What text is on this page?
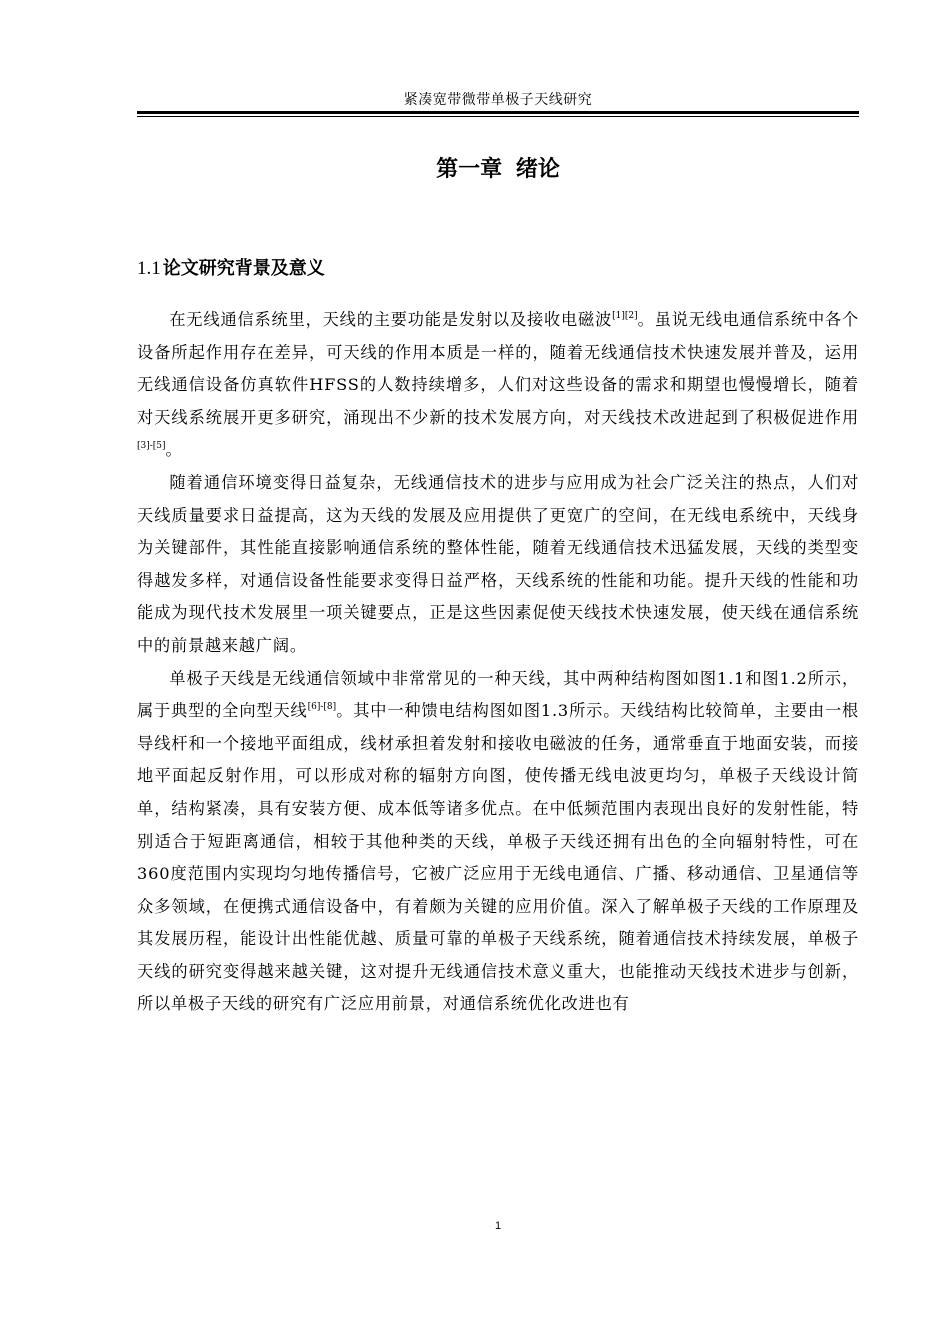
紧凑宽带微带单极子天线研究
第一章 绪论
1.1 论文研究背景及意义

在无线通信系统里，天线的主要功能是发射以及接收电磁波[1][2]。虽说无线电通信系统中各个设备所起作用存在差异，可天线的作用本质是一样的，随着无线通信技术快速发展并普及，运用无线通信设备仿真软件HFSS的人数持续增多，人们对这些设备的需求和期望也慢慢增长，随着对天线系统展开更多研究，涌现出不少新的技术发展方向，对天线技术改进起到了积极促进作用[3]-[5]。

随着通信环境变得日益复杂，无线通信技术的进步与应用成为社会广泛关注的热点，人们对天线质量要求日益提高，这为天线的发展及应用提供了更宽广的空间，在无线电系统中，天线身为关键部件，其性能直接影响通信系统的整体性能，随着无线通信技术迅猛发展，天线的类型变得越发多样，对通信设备性能要求变得日益严格，天线系统的性能和功能。提升天线的性能和功能成为现代技术发展里一项关键要点，正是这些因素促使天线技术快速发展，使天线在通信系统中的前景越来越广阔。

单极子天线是无线通信领域中非常常见的一种天线，其中两种结构图如图1.1和图1.2所示，属于典型的全向型天线[6]-[8]。其中一种馈电结构图如图1.3所示。天线结构比较简单，主要由一根导线杆和一个接地平面组成，线材承担着发射和接收电磁波的任务，通常垂直于地面安装，而接地平面起反射作用，可以形成对称的辐射方向图，使传播无线电波更均匀，单极子天线设计简单，结构紧凑，具有安装方便、成本低等诸多优点。在中低频范围内表现出良好的发射性能，特别适合于短距离通信，相较于其他种类的天线，单极子天线还拥有出色的全向辐射特性，可在360度范围内实现均匀地传播信号，它被广泛应用于无线电通信、广播、移动通信、卫星通信等众多领域，在便携式通信设备中，有着颇为关键的应用价值。深入了解单极子天线的工作原理及其发展历程，能设计出性能优越、质量可靠的单极子天线系统，随着通信技术持续发展，单极子天线的研究变得越来越关键，这对提升无线通信技术意义重大，也能推动天线技术进步与创新，所以单极子天线的研究有广泛应用前景，对通信系统优化改进也有

1
